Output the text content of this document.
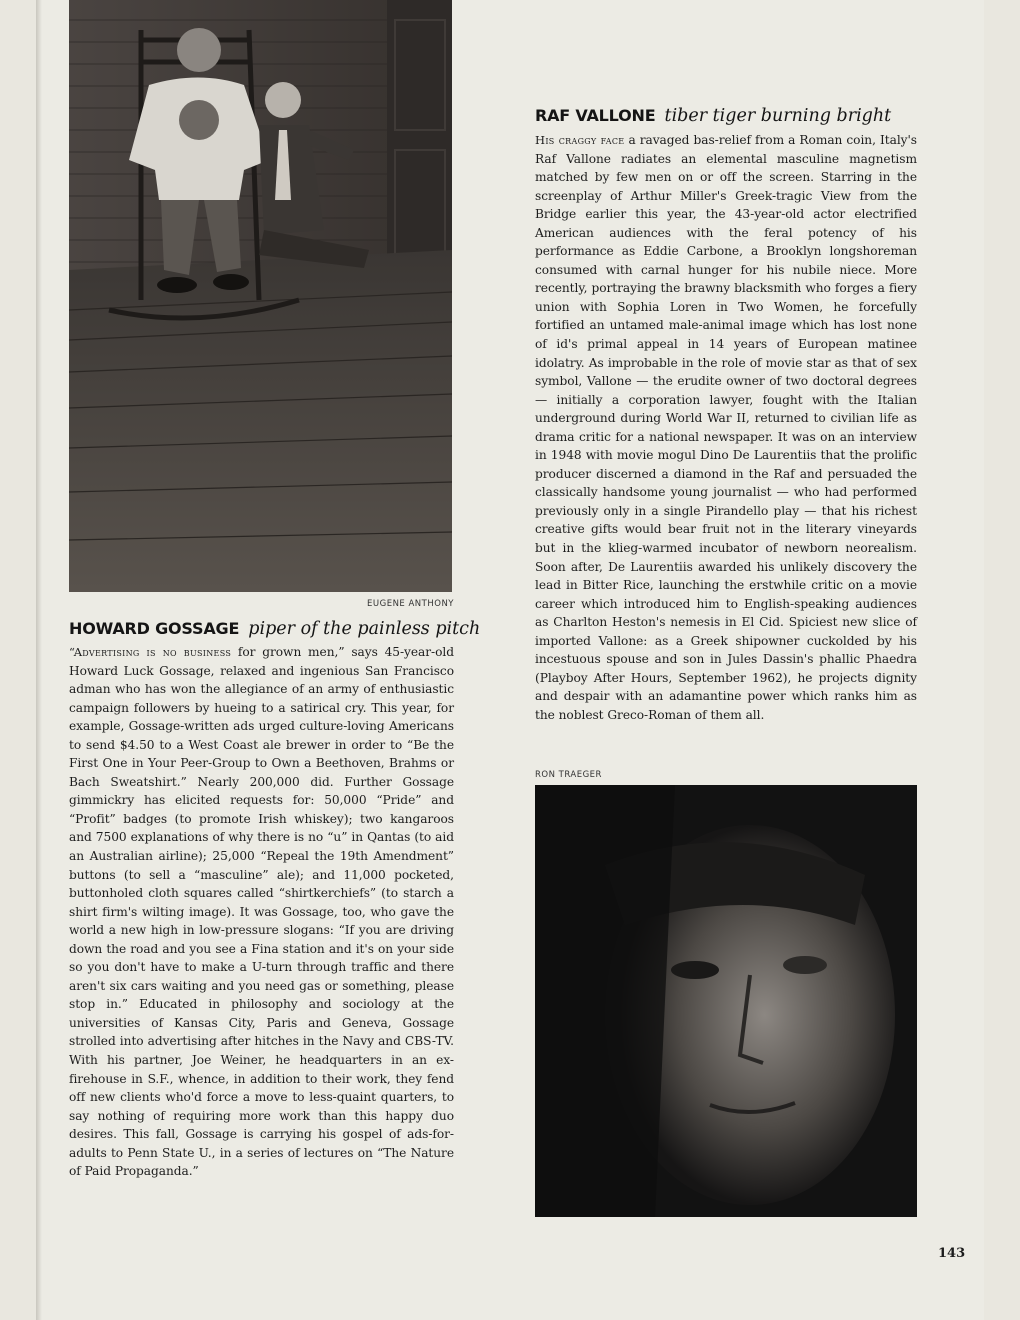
EUGENE ANTHONY
RAF VALLONE tiber tiger burning bright
His craggy face a ravaged bas-relief from a Roman coin, Italy's Raf Vallone radiates an elemental masculine magnetism matched by few men on or off the screen. Starring in the screenplay of Arthur Miller's Greek-tragic View from the Bridge earlier this year, the 43-year-old actor electrified American audiences with the feral potency of his performance as Eddie Carbone, a Brooklyn longshoreman consumed with carnal hunger for his nubile niece. More recently, portraying the brawny blacksmith who forges a fiery union with Sophia Loren in Two Women, he forcefully fortified an untamed male-animal image which has lost none of id's primal appeal in 14 years of European matinee idolatry. As improbable in the role of movie star as that of sex symbol, Vallone — the erudite owner of two doctoral degrees — initially a corporation lawyer, fought with the Italian underground during World War II, returned to civilian life as drama critic for a national newspaper. It was on an interview in 1948 with movie mogul Dino De Laurentiis that the prolific producer discerned a diamond in the Raf and persuaded the classically handsome young journalist — who had performed previously only in a single Pirandello play — that his richest creative gifts would bear fruit not in the literary vineyards but in the klieg-warmed incubator of newborn neorealism. Soon after, De Laurentiis awarded his unlikely discovery the lead in Bitter Rice, launching the erstwhile critic on a movie career which introduced him to English-speaking audiences as Charlton Heston's nemesis in El Cid. Spiciest new slice of imported Vallone: as a Greek shipowner cuckolded by his incestuous spouse and son in Jules Dassin's phallic Phaedra (Playboy After Hours, September 1962), he projects dignity and despair with an adamantine power which ranks him as the noblest Greco-Roman of them all.
RON TRAEGER
HOWARD GOSSAGE piper of the painless pitch
“Advertising is no business for grown men,” says 45-year-old Howard Luck Gossage, relaxed and ingenious San Francisco adman who has won the allegiance of an army of enthusiastic campaign followers by hueing to a satirical cry. This year, for example, Gossage-written ads urged culture-loving Americans to send $4.50 to a West Coast ale brewer in order to “Be the First One in Your Peer-Group to Own a Beethoven, Brahms or Bach Sweatshirt.” Nearly 200,000 did. Further Gossage gimmickry has elicited requests for: 50,000 “Pride” and “Profit” badges (to promote Irish whiskey); two kangaroos and 7500 explanations of why there is no “u” in Qantas (to aid an Australian airline); 25,000 “Repeal the 19th Amendment” buttons (to sell a “masculine” ale); and 11,000 pocketed, buttonholed cloth squares called “shirtkerchiefs” (to starch a shirt firm's wilting image). It was Gossage, too, who gave the world a new high in low-pressure slogans: “If you are driving down the road and you see a Fina station and it's on your side so you don't have to make a U-turn through traffic and there aren't six cars waiting and you need gas or something, please stop in.” Educated in philosophy and sociology at the universities of Kansas City, Paris and Geneva, Gossage strolled into advertising after hitches in the Navy and CBS-TV. With his partner, Joe Weiner, he headquarters in an ex-firehouse in S.F., whence, in addition to their work, they fend off new clients who'd force a move to less-quaint quarters, to say nothing of requiring more work than this happy duo desires. This fall, Gossage is carrying his gospel of ads-for-adults to Penn State U., in a series of lectures on “The Nature of Paid Propaganda.”
143
